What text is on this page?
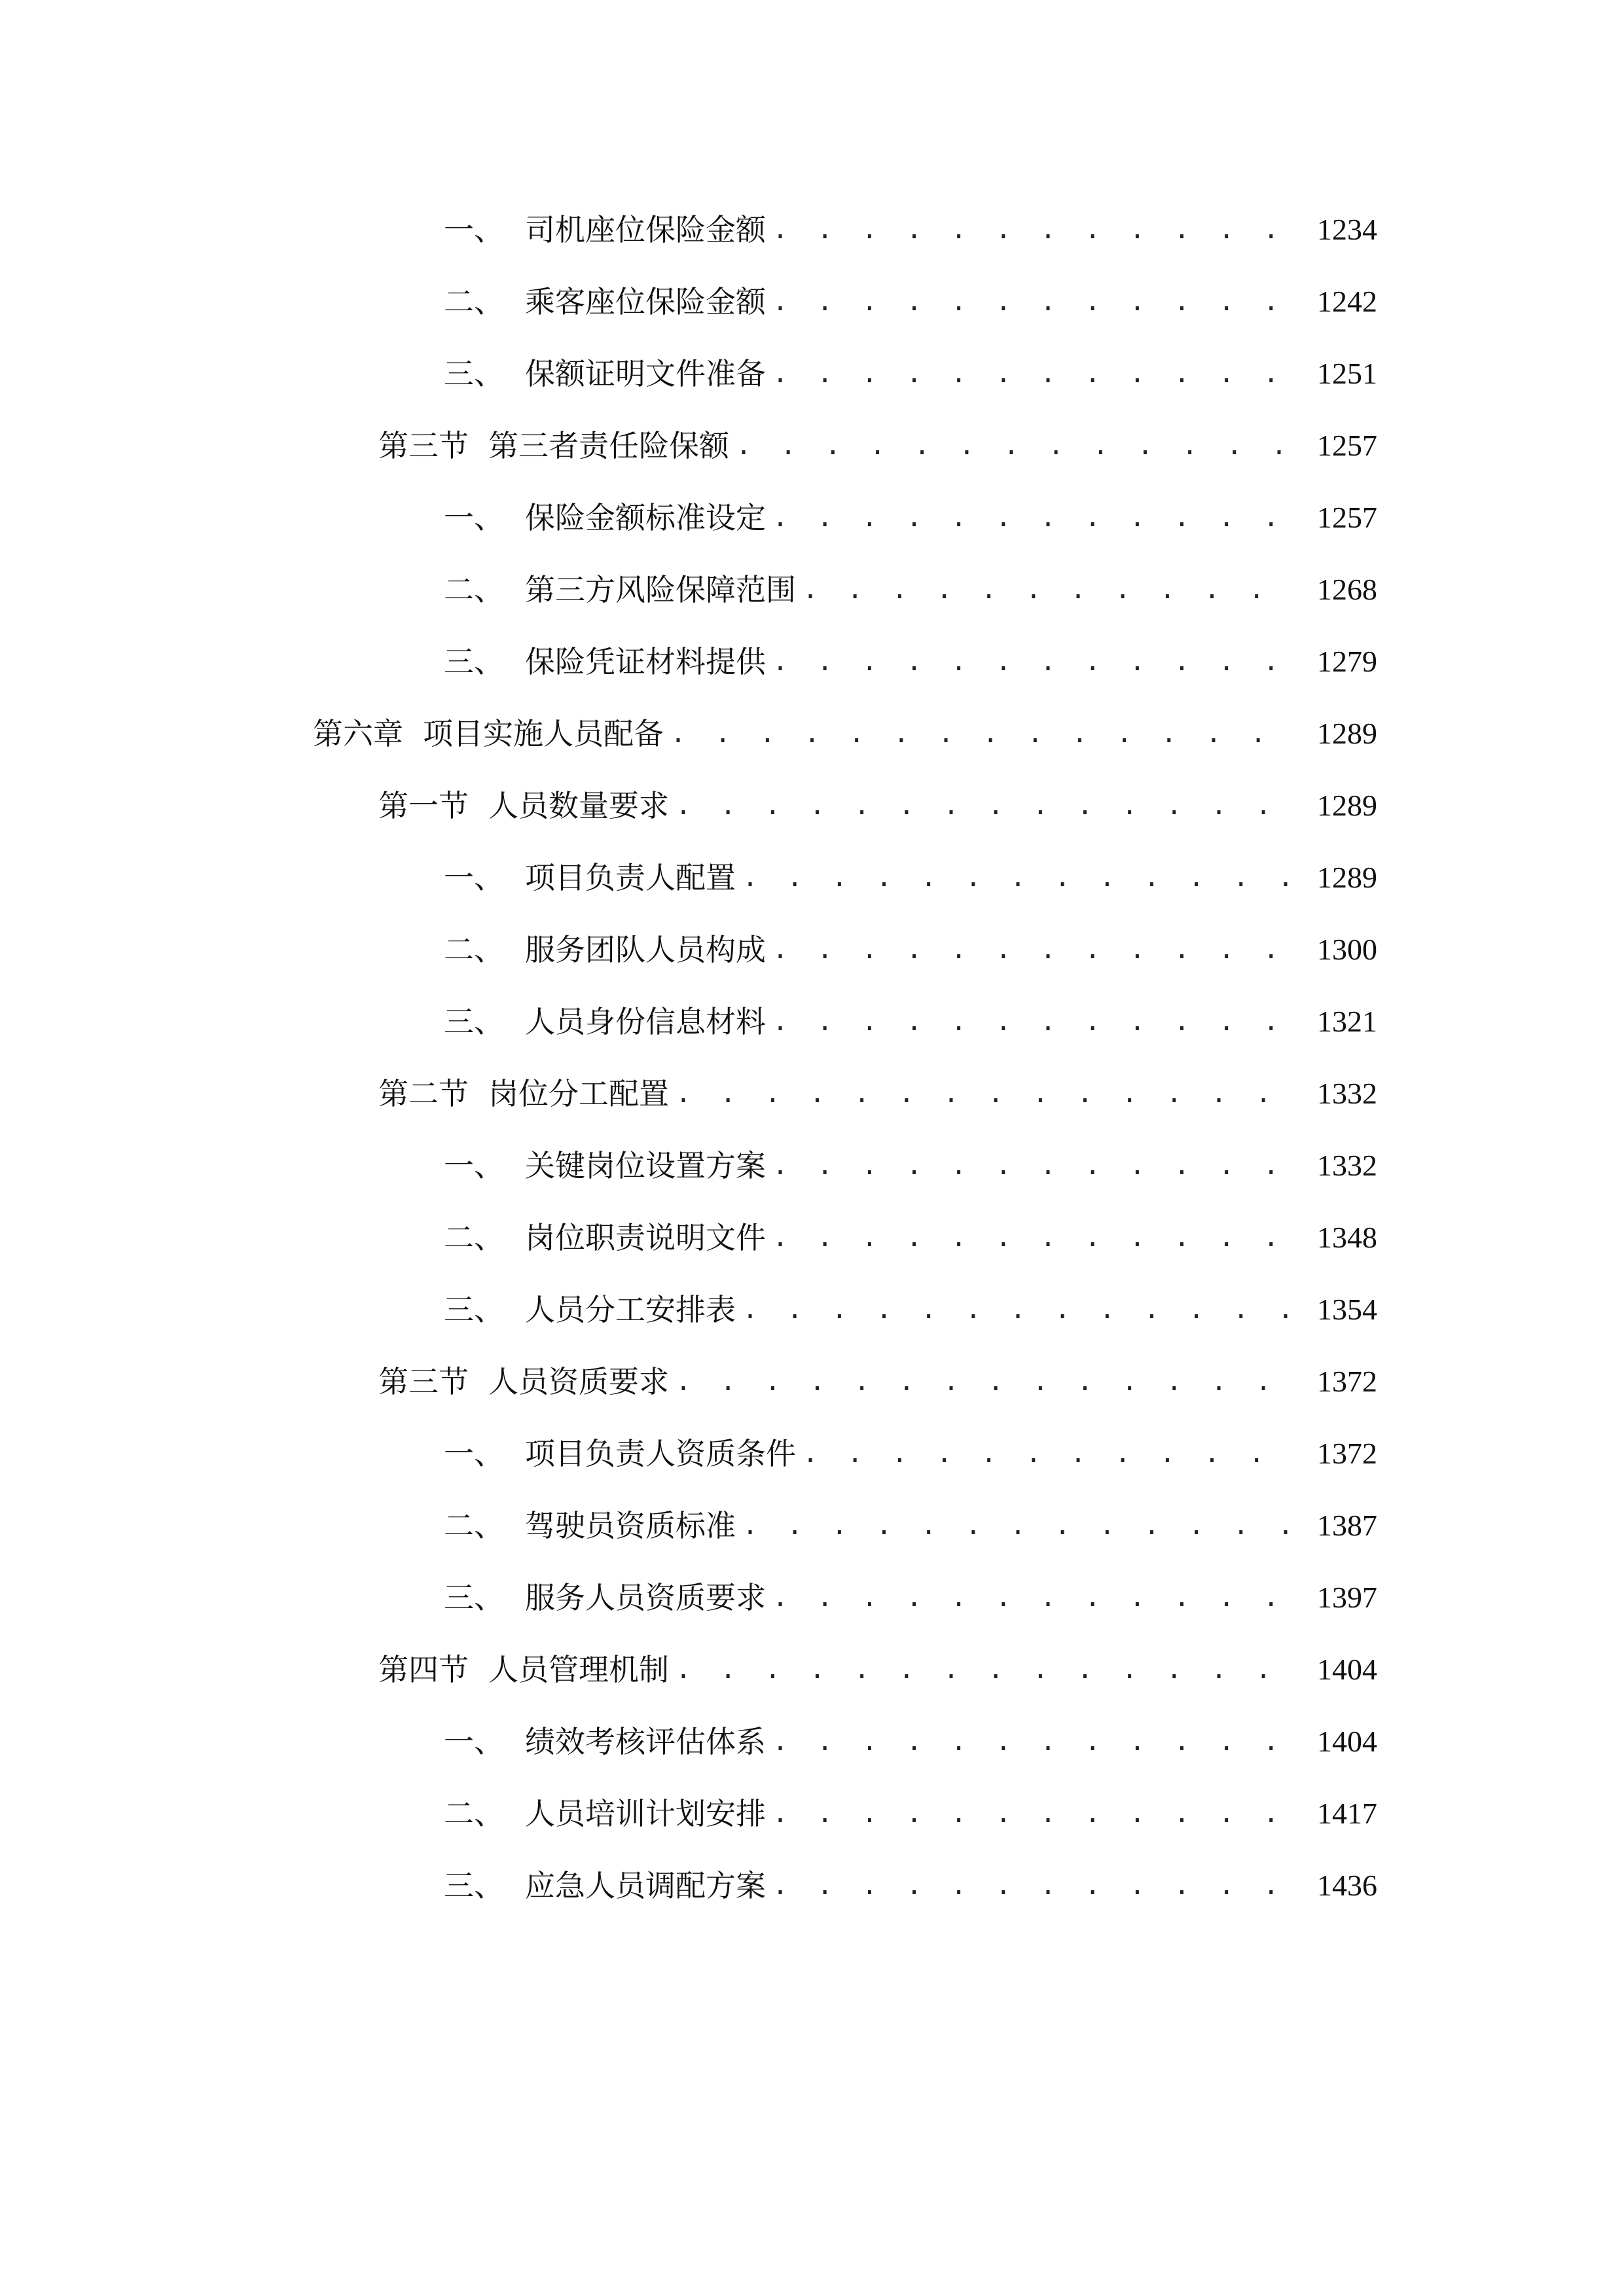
一、 司机座位保险金额 . . .	1234
二、 乘客座位保险金额 . . .	1242
三、 保额证明文件准备 . . .	1251
第三节 第三者责任险保额 . . .	1257
一、 保险金额标准设定 . . .	1257
二、 第三方风险保障范围 . . .	1268
三、 保险凭证材料提供 . . .	1279
第六章 项目实施人员配备 . . .	1289
第一节 人员数量要求 . . .	1289
一、 项目负责人配置 . . .	1289
二、 服务团队人员构成 . . .	1300
三、 人员身份信息材料 . . .	1321
第二节 岗位分工配置 . . .	1332
一、 关键岗位设置方案 . . .	1332
二、 岗位职责说明文件 . . .	1348
三、 人员分工安排表 . . .	1354
第三节 人员资质要求 . . .	1372
一、 项目负责人资质条件 . . .	1372
二、 驾驶员资质标准 . . .	1387
三、 服务人员资质要求 . . .	1397
第四节 人员管理机制 . . .	1404
一、 绩效考核评估体系 . . .	1404
二、 人员培训计划安排 . . .	1417
三、 应急人员调配方案 . . .	1436
